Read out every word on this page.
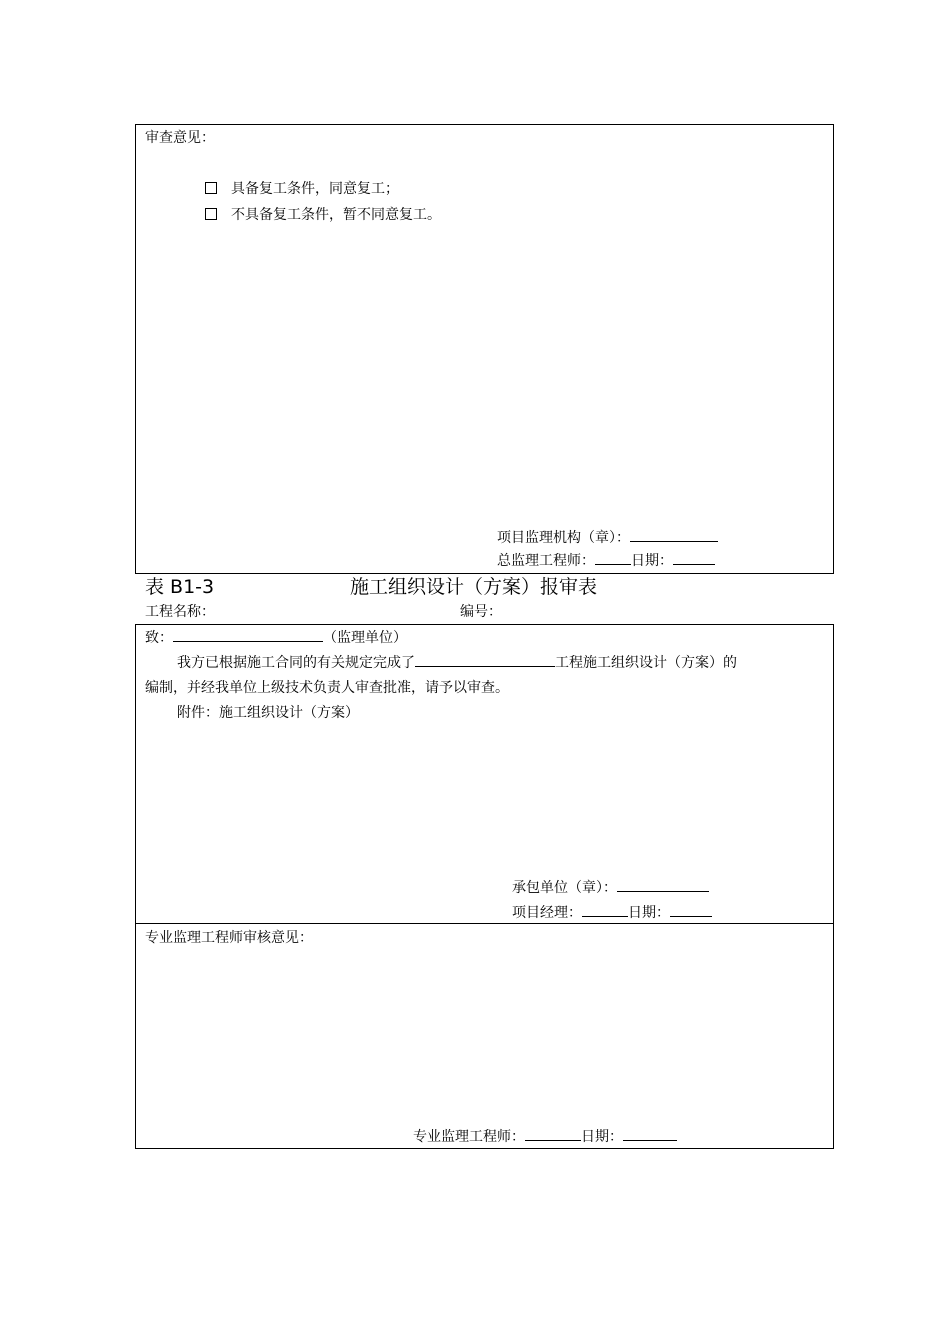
审查意见：
具备复工条件，同意复工；
不具备复工条件，暂不同意复工。
项目监理机构（章）：
总监理工程师：	日期：
表 B1-3	施工组织设计（方案）报审表
工程名称：	编号：
致：	（监理单位）
我方已根据施工合同的有关规定完成了	工程施工组织设计（方案）的
编制，并经我单位上级技术负责人审查批准，请予以审查。
附件：施工组织设计（方案）
承包单位（章）：
项目经理：	日期：
专业监理工程师审核意见：
专业监理工程师：	日期：
